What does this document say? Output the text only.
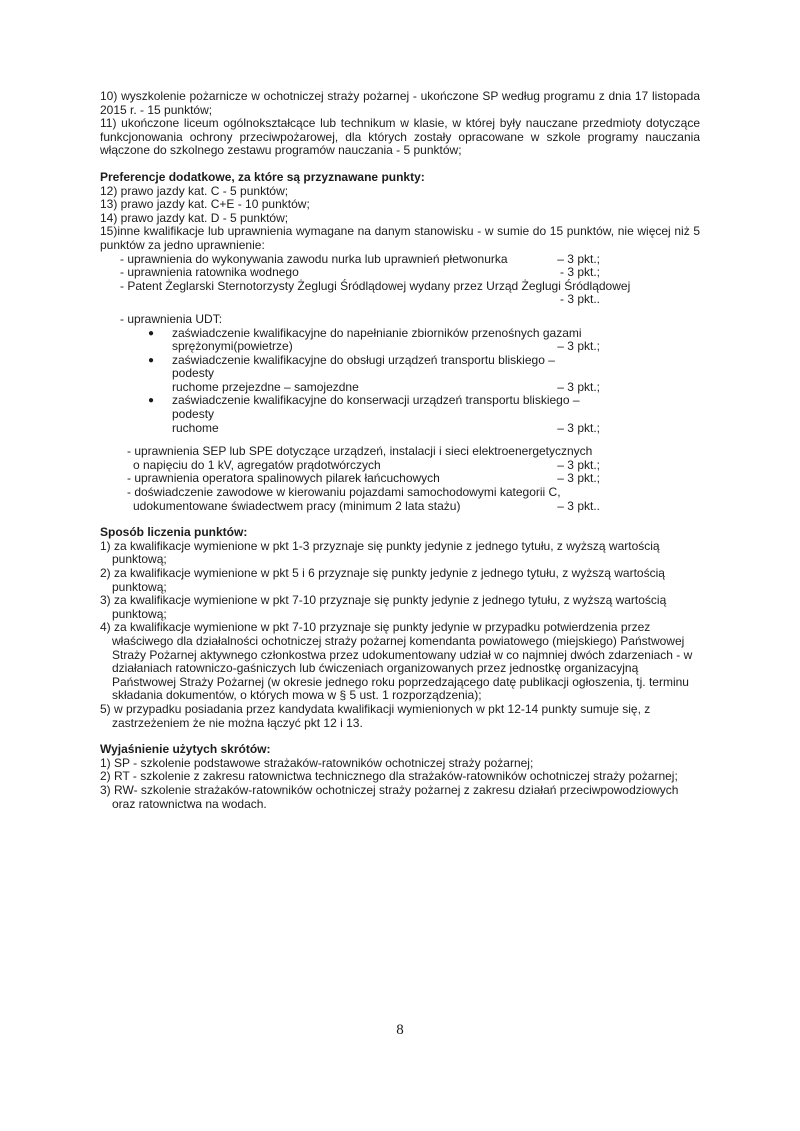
10) wyszkolenie pożarnicze w ochotniczej straży pożarnej - ukończone SP według programu z dnia 17 listopada 2015 r. - 15 punktów;

11) ukończone liceum ogólnokształcące lub technikum w klasie, w której były nauczane przedmioty dotyczące funkcjonowania ochrony przeciwpożarowej, dla których zostały opracowane w szkole programy nauczania włączone do szkolnego zestawu programów nauczania - 5 punktów;

Preferencje dodatkowe, za które są przyznawane punkty:

12) prawo jazdy kat. C - 5 punktów;

13) prawo jazdy kat. C+E - 10 punktów;

14) prawo jazdy kat. D - 5 punktów;

15)inne kwalifikacje lub uprawnienia wymagane na danym stanowisku - w sumie do 15 punktów, nie więcej niż 5 punktów za jedno uprawnienie:

- uprawnienia do wykonywania zawodu nurka lub uprawnień płetwonurka	– 3 pkt.;
- uprawnienia ratownika wodnego	- 3 pkt.;

- Patent Żeglarski Sternotorzysty Żeglugi Śródlądowej wydany przez Urząd Żeglugi Śródlądowej

- 3 pkt..

- uprawnienia UDT:

●	zaświadczenie kwalifikacyjne do napełnianie zbiorników przenośnych gazami
sprężonymi(powietrze)	– 3 pkt.;
●	zaświadczenie kwalifikacyjne do obsługi urządzeń transportu bliskiego – podesty
ruchome przejezdne – samojezdne	– 3 pkt.;
●	zaświadczenie kwalifikacyjne do konserwacji urządzeń transportu bliskiego – podesty
ruchome	– 3 pkt.;

- uprawnienia SEP lub SPE dotyczące urządzeń, instalacji i sieci elektroenergetycznych

o napięciu do 1 kV, agregatów prądotwórczych	– 3 pkt.;
- uprawnienia operatora spalinowych pilarek łańcuchowych	– 3 pkt.;

- doświadczenie zawodowe w kierowaniu pojazdami samochodowymi kategorii C,

udokumentowane świadectwem pracy (minimum 2 lata stażu)	– 3 pkt..

Sposób liczenia punktów:

1) za kwalifikacje wymienione w pkt 1-3 przyznaje się punkty jedynie z jednego tytułu, z wyższą wartością punktową;

2) za kwalifikacje wymienione w pkt 5 i 6 przyznaje się punkty jedynie z jednego tytułu, z wyższą wartością punktową;

3) za kwalifikacje wymienione w pkt 7-10 przyznaje się punkty jedynie z jednego tytułu, z wyższą wartością punktową;

4) za kwalifikacje wymienione w pkt 7-10 przyznaje się punkty jedynie w przypadku potwierdzenia przez właściwego dla działalności ochotniczej straży pożarnej komendanta powiatowego (miejskiego) Państwowej Straży Pożarnej aktywnego członkostwa przez udokumentowany udział w co najmniej dwóch zdarzeniach - w działaniach ratowniczo-gaśniczych lub ćwiczeniach organizowanych przez jednostkę organizacyjną Państwowej Straży Pożarnej (w okresie jednego roku poprzedzającego datę publikacji ogłoszenia, tj. terminu składania dokumentów, o których mowa w § 5 ust. 1 rozporządzenia);

5) w przypadku posiadania przez kandydata kwalifikacji wymienionych w pkt 12-14 punkty sumuje się, z zastrzeżeniem że nie można łączyć pkt 12 i 13.

Wyjaśnienie użytych skrótów:

1) SP - szkolenie podstawowe strażaków-ratowników ochotniczej straży pożarnej;

2) RT - szkolenie z zakresu ratownictwa technicznego dla strażaków-ratowników ochotniczej straży pożarnej;

3) RW- szkolenie strażaków-ratowników ochotniczej straży pożarnej z zakresu działań przeciwpowodziowych oraz ratownictwa na wodach.

8
